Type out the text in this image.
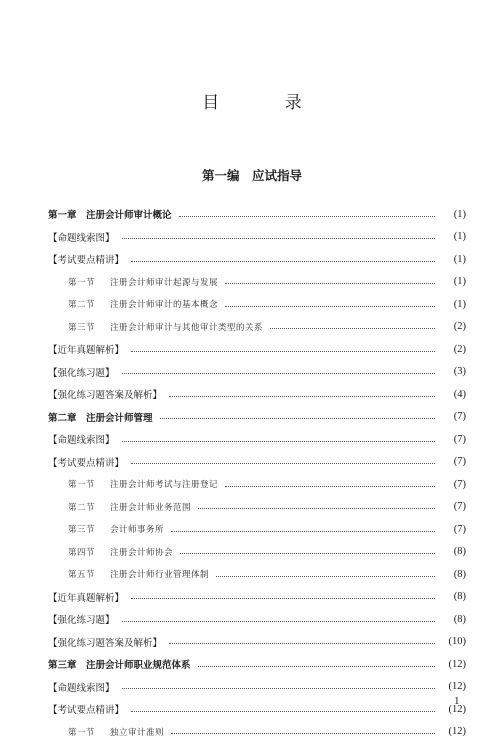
目 录
第一编　应试指导
第一章　 注册会计师审计概论	(1)
【命题线索图】	(1)
【考试要点精讲】	(1)
第一节 注册会计师审计起源与发展	(1)
第二节 注册会计师审计的基本概念	(1)
第三节 注册会计师审计与其他审计类型的关系	(2)
【近年真题解析】	(2)
【强化练习题】	(3)
【强化练习题答案及解析】	(4)
第二章　 注册会计师管理	(7)
【命题线索图】	(7)
【考试要点精讲】	(7)
第一节 注册会计师考试与注册登记	(7)
第二节 注册会计师业务范围	(7)
第三节 会计师事务所	(7)
第四节 注册会计师协会	(8)
第五节 注册会计师行业管理体制	(8)
【近年真题解析】	(8)
【强化练习题】	(8)
【强化练习题答案及解析】	(10)
第三章　 注册会计师职业规范体系	(12)
【命题线索图】	(12)
【考试要点精讲】	(12)
第一节 独立审计准则	(12)
1
